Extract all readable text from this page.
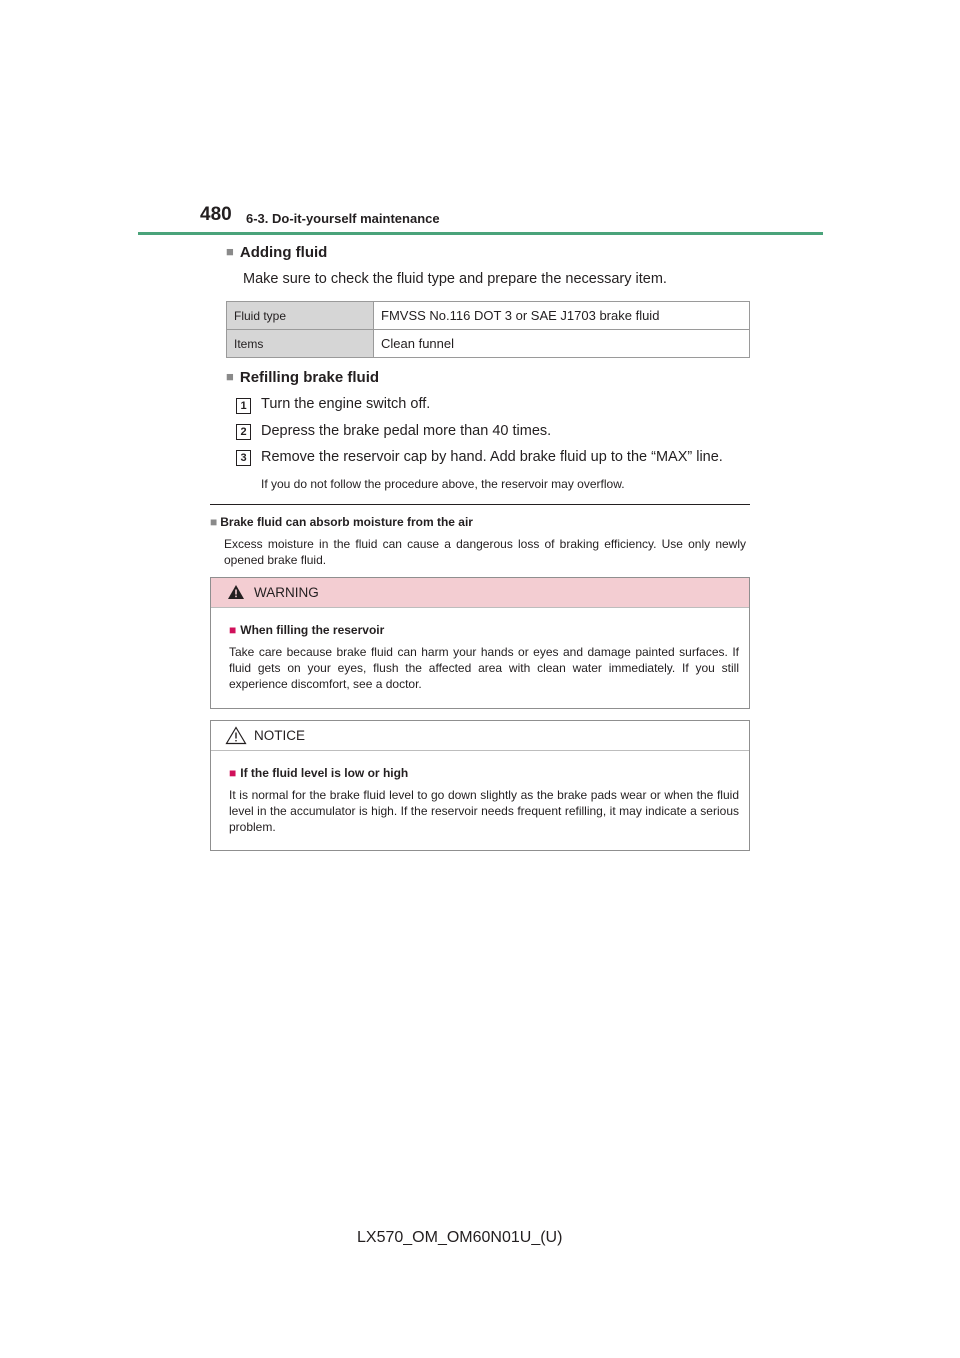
480 6-3. Do-it-yourself maintenance
■ Adding fluid
Make sure to check the fluid type and prepare the necessary item.
Fluid type	FMVSS No.116 DOT 3 or SAE J1703 brake fluid
Items	Clean funnel
■ Refilling brake fluid
1 Turn the engine switch off.
2 Depress the brake pedal more than 40 times.
3 Remove the reservoir cap by hand. Add brake fluid up to the “MAX” line.
If you do not follow the procedure above, the reservoir may overflow.
■ Brake fluid can absorb moisture from the air
Excess moisture in the fluid can cause a dangerous loss of braking efficiency. Use only newly opened brake fluid.
WARNING
■ When filling the reservoir
Take care because brake fluid can harm your hands or eyes and damage painted surfaces. If fluid gets on your eyes, flush the affected area with clean water immediately. If you still experience discomfort, see a doctor.
NOTICE
■ If the fluid level is low or high
It is normal for the brake fluid level to go down slightly as the brake pads wear or when the fluid level in the accumulator is high. If the reservoir needs frequent refilling, it may indicate a serious problem.
LX570_OM_OM60N01U_(U)
